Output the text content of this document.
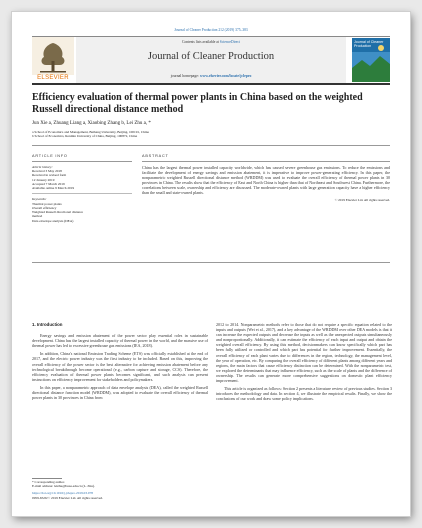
Journal of Cleaner Production 212 (2019) 375–383
ELSEVIER
Contents lists available at ScienceDirect
Journal of Cleaner Production
journal homepage: www.elsevier.com/locate/jclepro
Journal of Cleaner Production
Efficiency evaluation of thermal power plants in China based on the weighted Russell directional distance method
Jun Xie a, Zhuang Liang a, Xiaobing Zhang b, Lei Zhu a, *
a School of Economics and Management, Beihang University, Beijing, 100191, China
b School of Economics, Renmin University of China, Beijing, 100872, China
ARTICLE INFO
Article history:
Received 3 May 2018
Received in revised form
12 January 2019
Accepted 7 March 2019
Available online 9 March 2019
Keywords:
Thermal power plants
Overall efficiency
Weighted Russell directional distance
method
Data envelope analysis (DEA)
ABSTRACT
China has the largest thermal power installed capacity worldwide, which has caused severe greenhouse gas emissions. To reduce the emissions and facilitate the development of energy savings and emission abatement, it is imperative to improve power-generating efficiency. In this paper, the nonparametric weighted Russell directional distance method (WRDDM) was used to evaluate the overall efficiency of thermal power plants in 30 provinces in China. The results show that the efficiency of East and North China is higher than that of Northeast and Southwest China. Furthermore, the correlations between scale, ownership and efficiency are discussed. The moderate-owned plants with large generation capacity have a higher efficiency than the small and state-owned plants.
© 2019 Elsevier Ltd. All rights reserved.
1. Introduction

Energy savings and emission abatement of the power sector play essential roles in sustainable development. China has the largest installed capacity of thermal power in the world, and the massive use of thermal power has led to excessive greenhouse gas emissions (IEA, 2018).

In addition, China's national Emission Trading Scheme (ETS) was officially established at the end of 2017, and the electric power industry was the first industry to be included. Based on this, improving the overall efficiency of the power sector is the best alternative for achieving emission abatement before any technological breakthrough become operational (e.g., carbon capture and storage, CCS). Therefore, the efficiency evaluation of thermal power plants becomes significant, and such analysis can present instructions on efficiency improvement for stakeholders and policymakers.

In this paper, a nonparametric approach of data envelope analysis (DEA), called the weighted Russell directional distance function model (WRDDM), was adopted to evaluate the overall efficiency of thermal power plants in 30 provinces in China from

2012 to 2014. Nonparametric methods refer to those that do not require a specific equation related to the inputs and outputs (Wei et al., 2017), and a key advantage of the WRDDM over other DEA models is that it can increase the expected outputs and decrease the inputs as well as the unexpected outputs simultaneously and nonproportionally. Additionally, it can estimate the efficiency of each input and output and obtain the weighted overall efficiency. By using this method, decisionmakers can know specifically which part has been fully utilized or controlled and which part has potential for further improvement. Essentially, the overall efficiency of each plant varies due to differences in the region, technology, the management level, the year of operation, etc. By comparing the overall efficiency of different plants among different years and regions, the main factors that cause efficiency distinction can be determined. With the nonparametric test, we explored the determinants that may influence efficiency, such as the scale of plants and the difference of ownership. The results can generate more comprehensive suggestions on domestic plant efficiency improvement.

This article is organized as follows: Section 2 presents a literature review of previous studies. Section 3 introduces the methodology and data. In section 4, we illustrate the empirical results. Finally, we show the conclusions of our work and draw some policy implications.

* Corresponding author.
E-mail address: leizhu@buaa.edu.cn (L. Zhu).
https://doi.org/10.1016/j.jclepro.2019.03.078
0959-6526/© 2019 Elsevier Ltd. All rights reserved.
